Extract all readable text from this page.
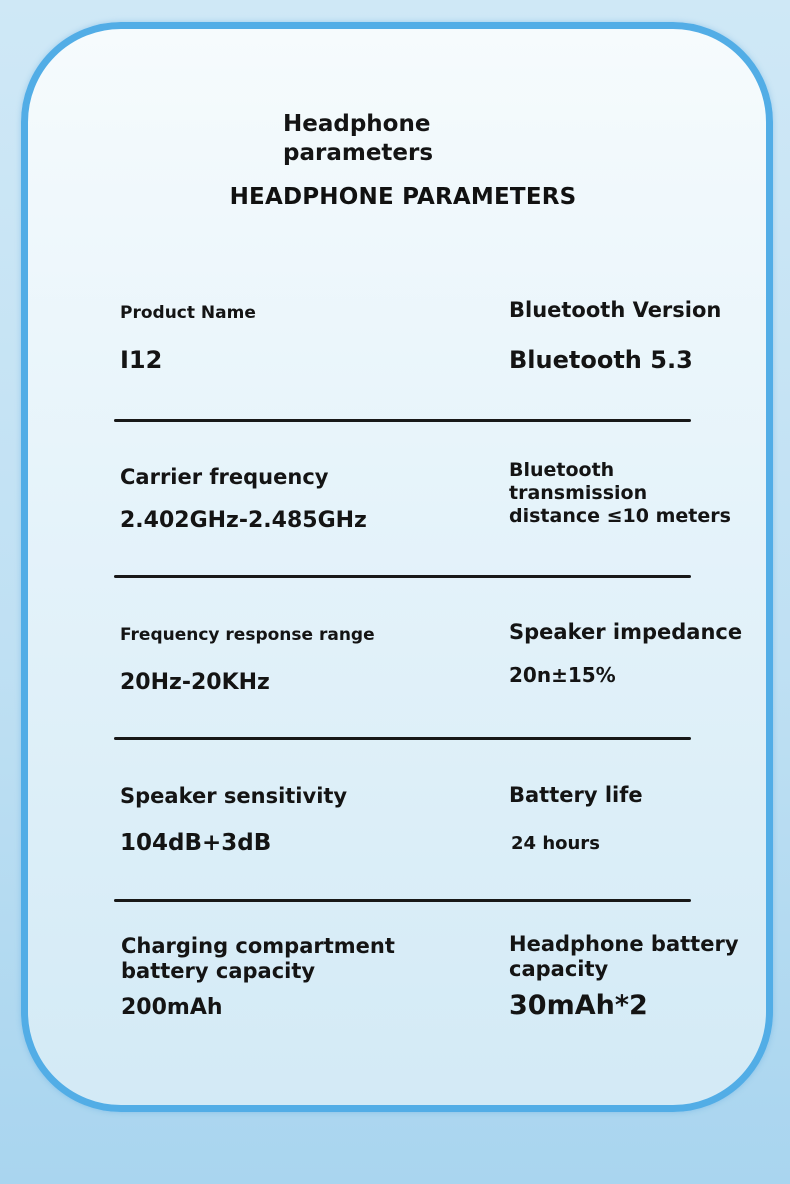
Headphone
parameters
HEADPHONE PARAMETERS
Product Name
I12
Bluetooth Version
Bluetooth 5.3
Carrier frequency
2.402GHz-2.485GHz
Bluetooth
transmission
distance ≤10 meters
Frequency response range
20Hz-20KHz
Speaker impedance
20n±15%
Speaker sensitivity
104dB+3dB
Battery life
24 hours
Charging compartment
battery capacity
200mAh
Headphone battery
capacity
30mAh*2
